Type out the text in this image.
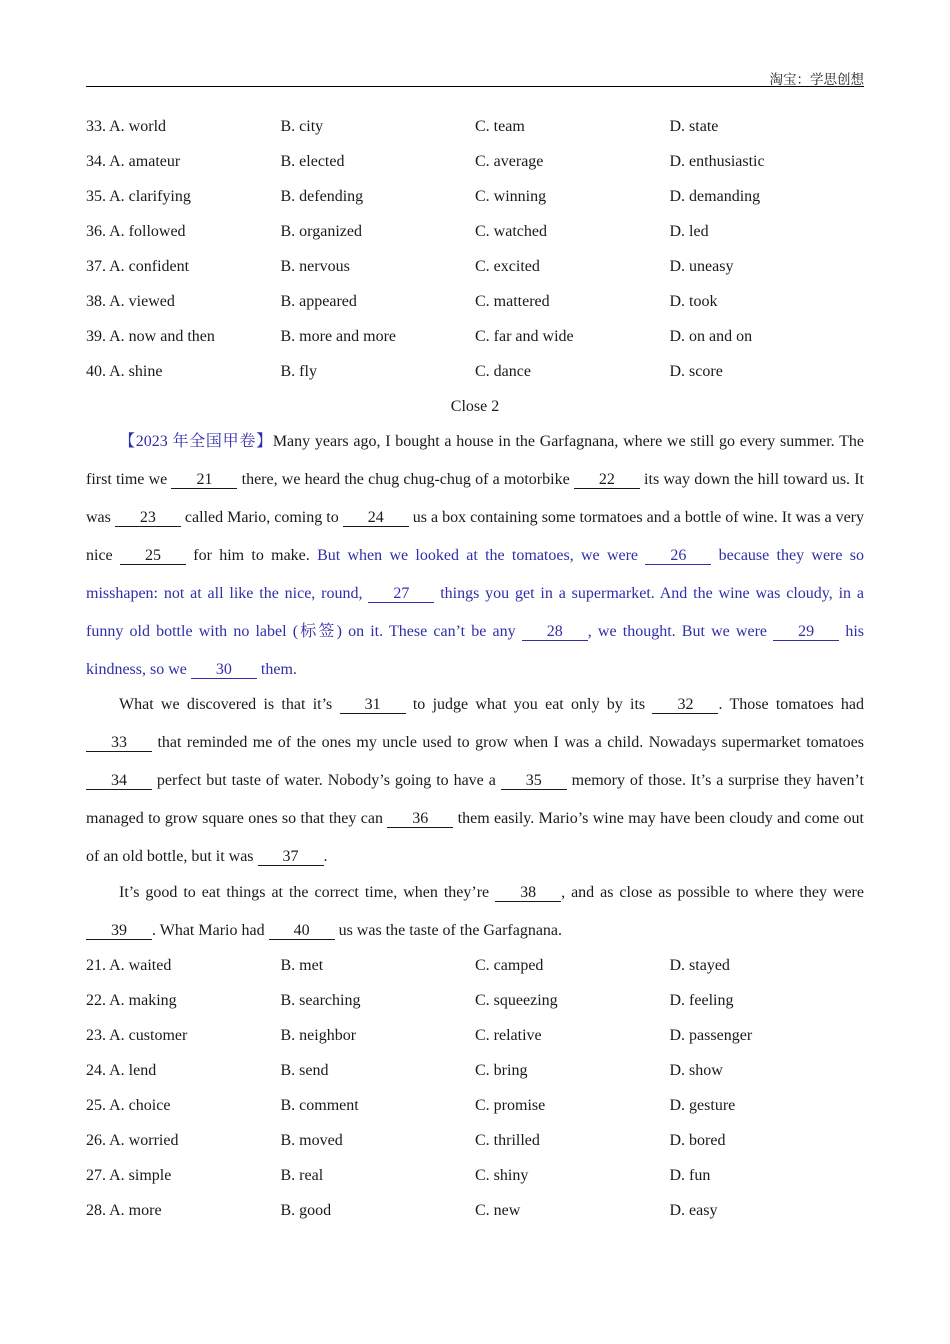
淘宝：学思创想
33. A. world	B. city	C. team	D. state
34. A. amateur	B. elected	C. average	D. enthusiastic
35. A. clarifying	B. defending	C. winning	D. demanding
36. A. followed	B. organized	C. watched	D. led
37. A. confident	B. nervous	C. excited	D. uneasy
38. A. viewed	B. appeared	C. mattered	D. took
39. A. now and then	B. more and more	C. far and wide	D. on and on
40. A. shine	B. fly	C. dance	D. score
Close 2

【2023 年全国甲卷】Many years ago, I bought a house in the Garfagnana, where we still go every summer. The first time we 21 there, we heard the chug chug-chug of a motorbike 22 its way down the hill toward us. It was 23 called Mario, coming to 24 us a box containing some tormatoes and a bottle of wine. It was a very nice 25 for him to make. But when we looked at the tomatoes, we were 26 because they were so misshapen: not at all like the nice, round, 27 things you get in a supermarket. And the wine was cloudy, in a funny old bottle with no label (标签) on it. These can’t be any 28 , we thought. But we were 29 his kindness, so we 30 them.

What we discovered is that it’s 31 to judge what you eat only by its 32 . Those tomatoes had 33 that reminded me of the ones my uncle used to grow when I was a child. Nowadays supermarket tomatoes 34 perfect but taste of water. Nobody’s going to have a 35 memory of those. It’s a surprise they haven’t managed to grow square ones so that they can 36 them easily. Mario’s wine may have been cloudy and come out of an old bottle, but it was 37 .

It’s good to eat things at the correct time, when they’re 38 , and as close as possible to where they were 39 . What Mario had 40 us was the taste of the Garfagnana.

21. A. waited	B. met	C. camped	D. stayed
22. A. making	B. searching	C. squeezing	D. feeling
23. A. customer	B. neighbor	C. relative	D. passenger
24. A. lend	B. send	C. bring	D. show
25. A. choice	B. comment	C. promise	D. gesture
26. A. worried	B. moved	C. thrilled	D. bored
27. A. simple	B. real	C. shiny	D. fun
28. A. more	B. good	C. new	D. easy
